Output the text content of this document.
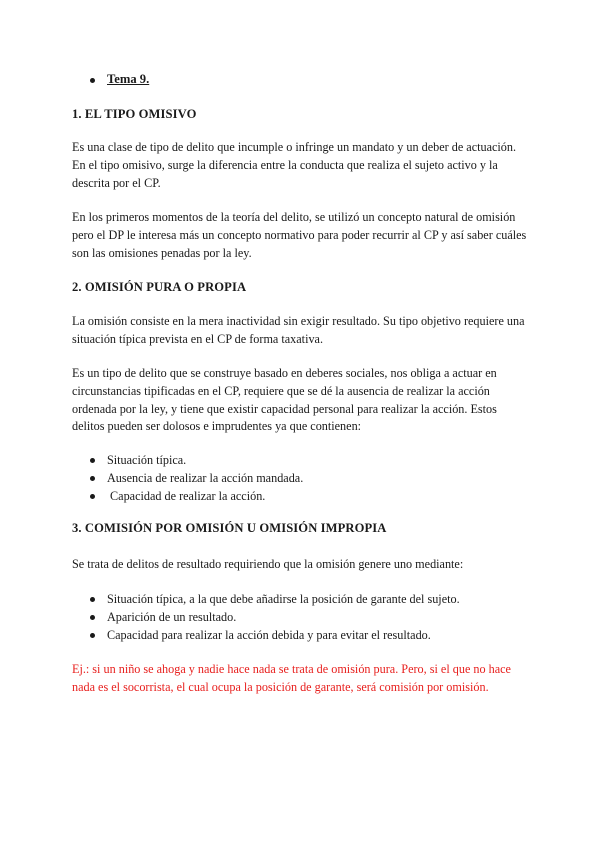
Tema 9.

1. EL TIPO OMISIVO

Es una clase de tipo de delito que incumple o infringe un mandato y un deber de actuación. En el tipo omisivo, surge la diferencia entre la conducta que realiza el sujeto activo y la descrita por el CP.

En los primeros momentos de la teoría del delito, se utilizó un concepto natural de omisión pero el DP le interesa más un concepto normativo para poder recurrir al CP y así saber cuáles son las omisiones penadas por la ley.

2. OMISIÓN PURA O PROPIA

La omisión consiste en la mera inactividad sin exigir resultado. Su tipo objetivo requiere una situación típica prevista en el CP de forma taxativa.

Es un tipo de delito que se construye basado en deberes sociales, nos obliga a actuar en circunstancias tipificadas en el CP, requiere que se dé la ausencia de realizar la acción ordenada por la ley, y tiene que existir capacidad personal para realizar la acción. Estos delitos pueden ser dolosos e imprudentes ya que contienen:

Situación típica.
Ausencia de realizar la acción mandada.
Capacidad de realizar la acción.

3. COMISIÓN POR OMISIÓN U OMISIÓN IMPROPIA

Se trata de delitos de resultado requiriendo que la omisión genere uno mediante:

Situación típica, a la que debe añadirse la posición de garante del sujeto.
Aparición de un resultado.
Capacidad para realizar la acción debida y para evitar el resultado.

Ej.: si un niño se ahoga y nadie hace nada se trata de omisión pura. Pero, si el que no hace nada es el socorrista, el cual ocupa la posición de garante, será comisión por omisión.
